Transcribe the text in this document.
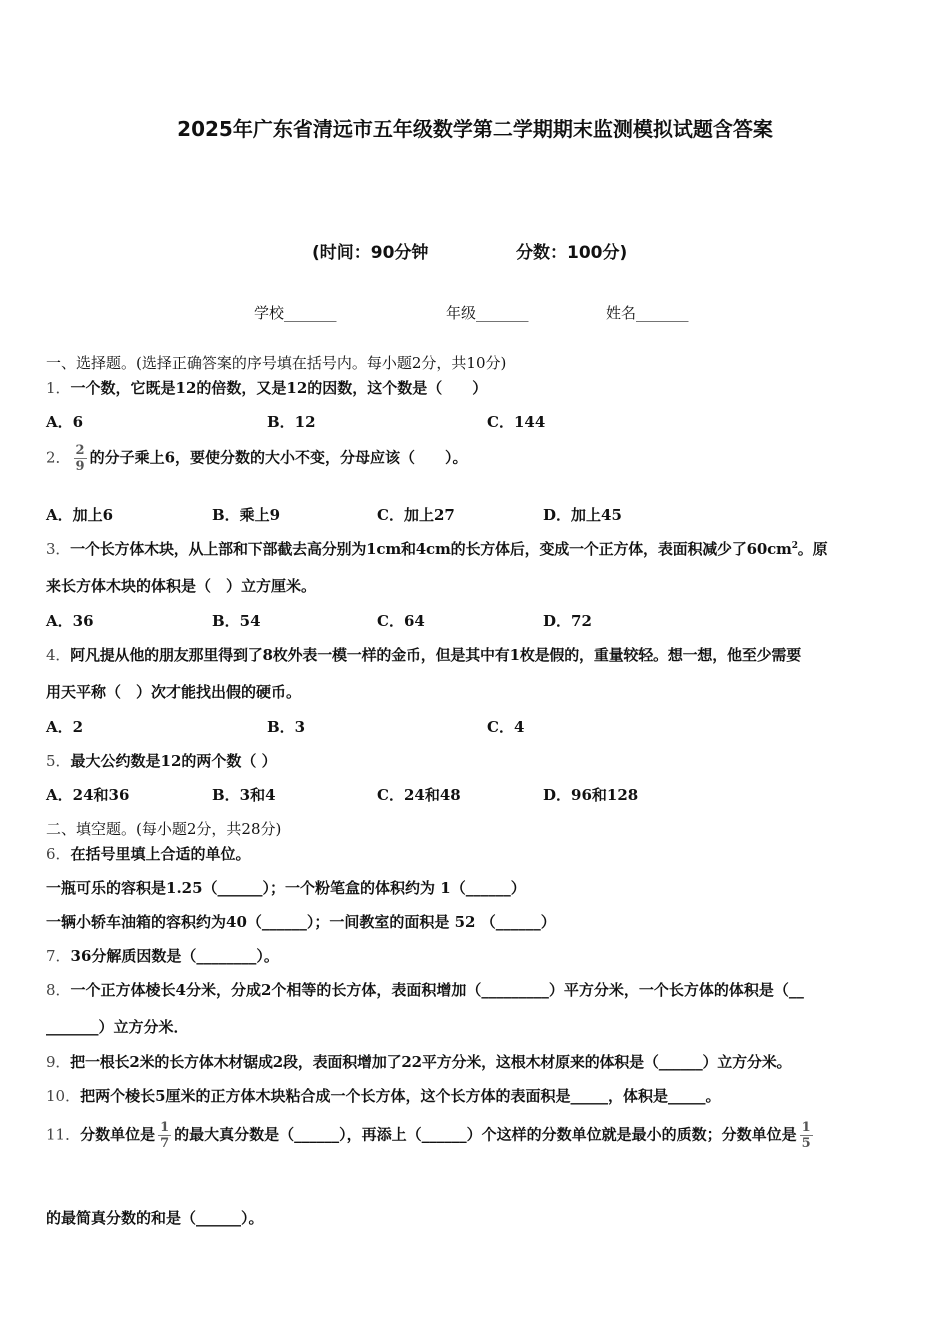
2025年广东省清远市五年级数学第二学期期末监测模拟试题含答案
(时间：90分钟	分数：100分)
学校_______	年级_______	姓名_______
一、选择题。(选择正确答案的序号填在括号内。每小题2分，共10分)
1．一个数，它既是12的倍数，又是12的因数，这个数是（　　）
A．6	B．12	C．144
2． $\frac{2}{9}$ 的分子乘上6，要使分数的大小不变，分母应该（　　）。
A．加上6	B．乘上9	C．加上27	D．加上45
3．一个长方体木块，从上部和下部截去高分别为1cm和4cm的长方体后，变成一个正方体，表面积减少了$60cm^2$。原
来长方体木块的体积是（　）立方厘米。
A．36	B．54	C．64	D．72
4．阿凡提从他的朋友那里得到了8枚外表一模一样的金币，但是其中有1枚是假的，重量较轻。想一想，他至少需要
用天平称（　）次才能找出假的硬币。
A．2	B．3	C．4
5．最大公约数是12的两个数（ ）
A．24和36	B．3和4	C．24和48	D．96和128
二、填空题。(每小题2分，共28分)
6．在括号里填上合适的单位。
一瓶可乐的容积是1.25（______）；一个粉笔盒的体积约为 1（______）
一辆小轿车油箱的容积约为40（______）；一间教室的面积是 52 （______）
7．36分解质因数是（________）。
8．一个正方体棱长4分米，分成2个相等的长方体，表面积增加（_________）平方分米，一个长方体的体积是（__
_______）立方分米．
9．把一根长2米的长方体木材锯成2段，表面积增加了22平方分米，这根木材原来的体积是（______）立方分米。
10．把两个棱长5厘米的正方体木块粘合成一个长方体，这个长方体的表面积是_____，体积是_____。
11．分数单位是 $\frac{1}{7}$ 的最大真分数是（______），再添上（______）个这样的分数单位就是最小的质数；分数单位是 $\frac{1}{5}$
的最简真分数的和是（______）。
